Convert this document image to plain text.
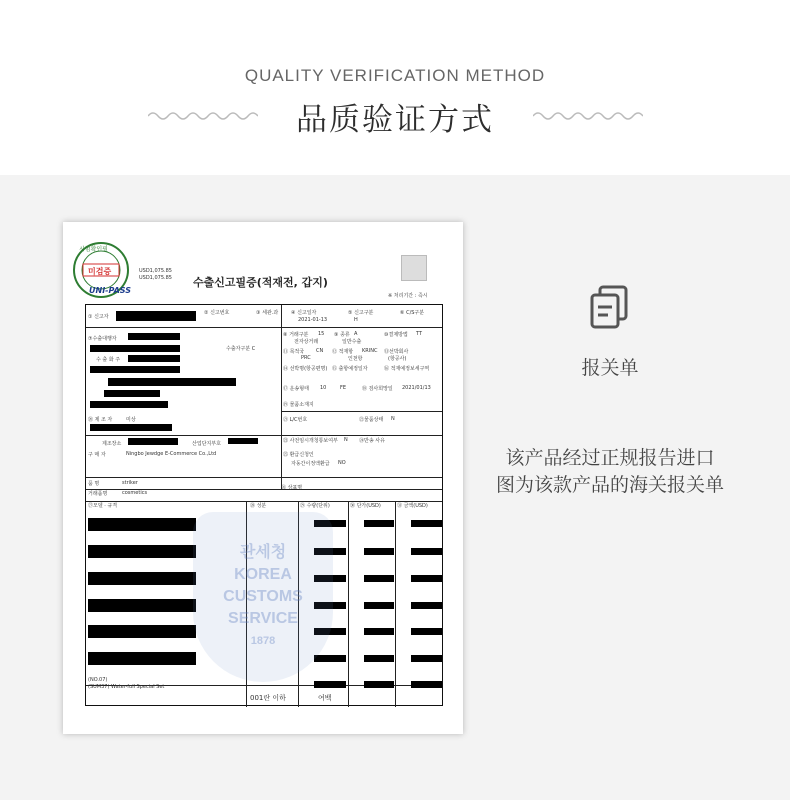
QUALITY VERIFICATION METHOD
品质验证方式
시험확인필
미검증
UNI-PASS
USD1,075.85
USD1,075.85 수출신고필증(적재전, 갑지)
※ 처리기간 : 즉시
① 신고자
② 신고번호	③ 세관.과	④ 신고일자
2021-01-13
⑤ 신고구분
H
⑥ C/S구분
⑦수출대행자
수출자구분 C
수 출 화 주
⑧ 거래구분 15
전자상거래
⑨ 종류 A
일반수출
⑩결제방법 TT
⑪ 목적국 CN
PRC
⑫ 적재항 KRINC
인천항
⑬선박회사
(항공사)
⑭ 선박명(항공편명) ⑮ 출항예정일자	⑯ 적재예정보세구역
⑰ 운송형태 10	FE	⑱ 검사희망일 2021/01/13
⑲ 물품소재지
⑳ 제 조 자	미상	㉑ L/C번호	㉒물품상태 N
제조장소	산업단지부호	㉓ 사전임시개청통보여부 N ㉔반송 사유
구 매 자	Ningbo Jewdge E-Commerce Co.,Ltd	㉕ 환급신청인
자동간이정액환급 NO
품 명	striker
㉖ 상표명
거래품명	cosmetics
㉗모델 · 규격	㉘ 성분	㉙ 수량(단위)	㉚ 단가(USD)	㉛ 금액(USD)
(NO.07)
(SUM37) Water-full Special Set
001란 이하	여백
관세청
KOREA
CUSTOMS
SERVICE
1878
报关单
该产品经过正规报告进口
图为该款产品的海关报关单
